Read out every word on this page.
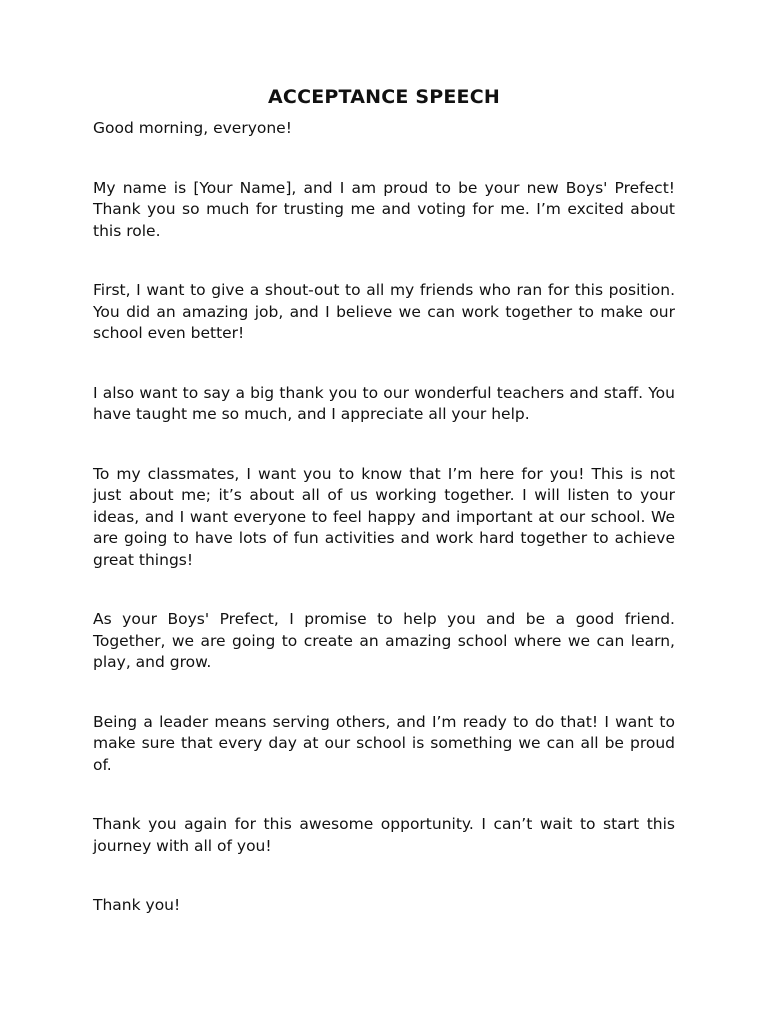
ACCEPTANCE SPEECH

Good morning, everyone!

My name is [Your Name], and I am proud to be your new Boys' Prefect! Thank you so much for trusting me and voting for me. I’m excited about this role.

First, I want to give a shout-out to all my friends who ran for this position. You did an amazing job, and I believe we can work together to make our school even better!

I also want to say a big thank you to our wonderful teachers and staff. You have taught me so much, and I appreciate all your help.

To my classmates, I want you to know that I’m here for you! This is not just about me; it’s about all of us working together. I will listen to your ideas, and I want everyone to feel happy and important at our school. We are going to have lots of fun activities and work hard together to achieve great things!

As your Boys' Prefect, I promise to help you and be a good friend. Together, we are going to create an amazing school where we can learn, play, and grow.

Being a leader means serving others, and I’m ready to do that! I want to make sure that every day at our school is something we can all be proud of.

Thank you again for this awesome opportunity. I can’t wait to start this journey with all of you!

Thank you!
